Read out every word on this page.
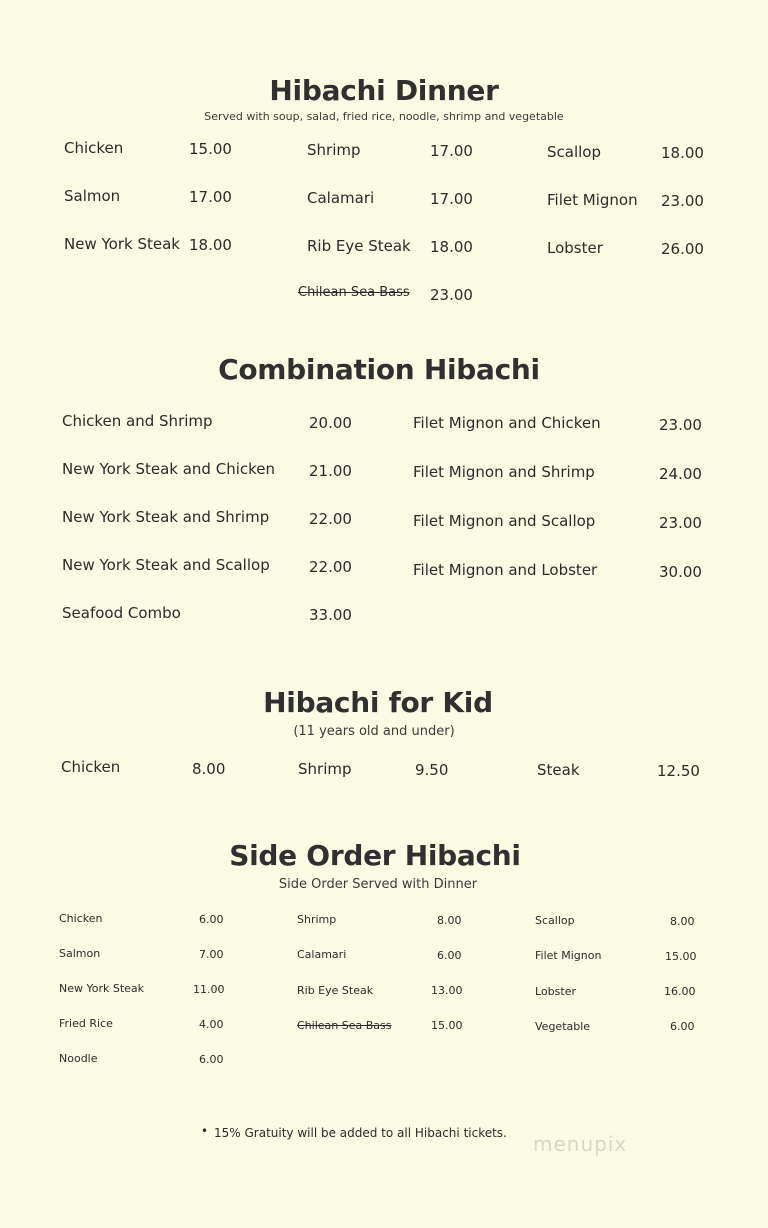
Hibachi Dinner
Served with soup, salad, fried rice, noodle, shrimp and vegetable
Chicken	15.00	Shrimp	17.00	Scallop	18.00
Salmon	17.00	Calamari	17.00	Filet Mignon 23.00
New York Steak 18.00	Rib Eye Steak 18.00	Lobster	26.00
Chilean Sea Bass 23.00
Combination Hibachi
Chicken and Shrimp	20.00	Filet Mignon and Chicken	23.00
New York Steak and Chicken 21.00	Filet Mignon and Shrimp	24.00
New York Steak and Shrimp	22.00	Filet Mignon and Scallop	23.00
New York Steak and Scallop	22.00	Filet Mignon and Lobster	30.00
Seafood Combo	33.00
Hibachi for Kid
(11 years old and under)
Chicken	8.00	Shrimp	9.50	Steak	12.50
Side Order Hibachi
Side Order Served with Dinner
Chicken	6.00	Shrimp	8.00	Scallop	8.00
Salmon	7.00	Calamari	6.00	Filet Mignon	15.00
New York Steak	11.00	Rib Eye Steak	13.00	Lobster	16.00
Fried Rice	4.00	Chilean Sea Bass	15.00	Vegetable	6.00
Noodle	6.00
• 15% Gratuity will be added to all Hibachi tickets. menupix
